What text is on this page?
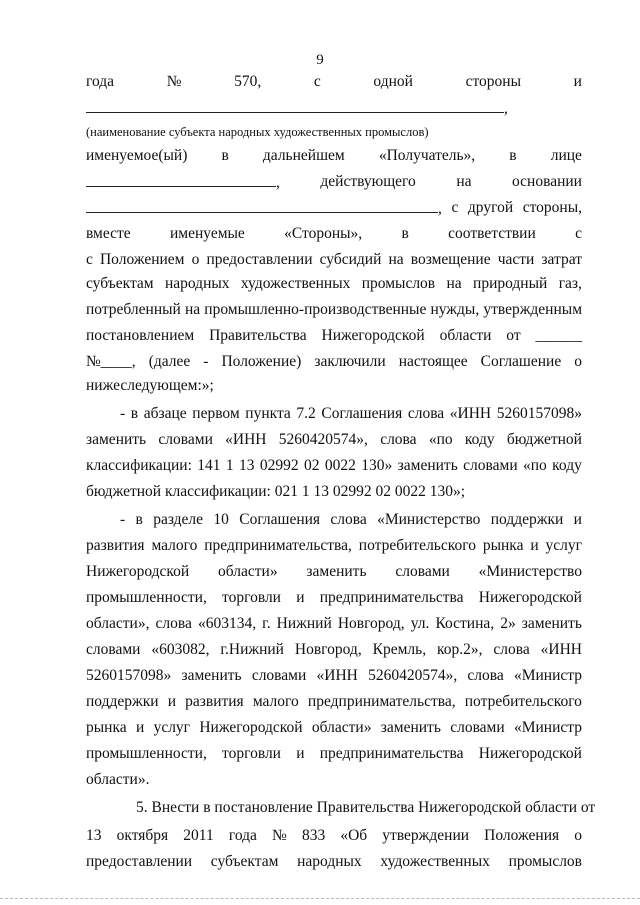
9
года	№	570,	с	одной	стороны	и
,
(наименование субъекта народных художественных промыслов)
именуемое(ый) в дальнейшем «Получатель», в лице
,	действующего	на	основании
, с другой стороны,
вместе	именуемые	«Стороны»,	в	соответствии	с
с Положением о предоставлении субсидий на возмещение части затрат
субъектам народных художественных промыслов на природный газ,
потребленный на промышленно-производственные нужды, утвержденным
постановлением Правительства Нижегородской области от ______
№____, (далее - Положение) заключили настоящее Соглашение о
нижеследующем:»;
- в абзаце первом пункта 7.2 Соглашения слова «ИНН 5260157098»
заменить словами «ИНН 5260420574», слова «по коду бюджетной
классификации: 141 1 13 02992 02 0022 130» заменить словами «по коду
бюджетной классификации: 021 1 13 02992 02 0022 130»;
- в разделе 10 Соглашения слова «Министерство поддержки и
развития малого предпринимательства, потребительского рынка и услуг
Нижегородской области» заменить словами «Министерство
промышленности, торговли и предпринимательства Нижегородской
области», слова «603134, г. Нижний Новгород, ул. Костина, 2» заменить
словами «603082, г.Нижний Новгород, Кремль, кор.2», слова «ИНН
5260157098» заменить словами «ИНН 5260420574», слова «Министр
поддержки и развития малого предпринимательства, потребительского
рынка и услуг Нижегородской области» заменить словами «Министр
промышленности, торговли и предпринимательства Нижегородской
области».
5. Внести в постановление Правительства Нижегородской области от
13 октября 2011 года № 833 «Об утверждении Положения о
предоставлении субъектам народных художественных промыслов
